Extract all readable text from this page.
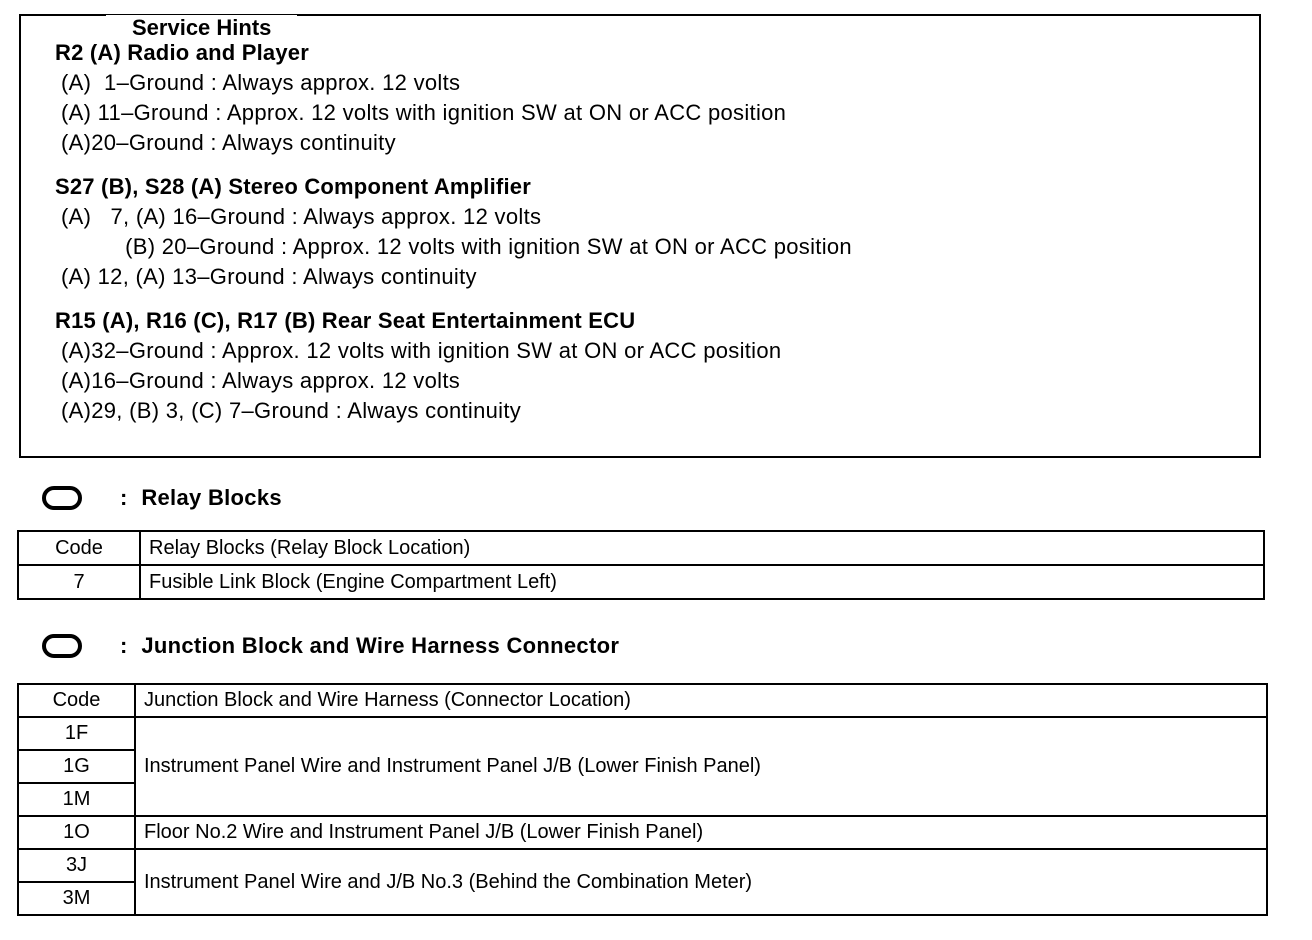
Service Hints
R2 (A) Radio and Player
(A)  1–Ground : Always approx. 12 volts
(A) 11–Ground : Approx. 12 volts with ignition SW at ON or ACC position
(A)20–Ground : Always continuity
S27 (B), S28 (A) Stereo Component Amplifier
(A)   7, (A) 16–Ground : Always approx. 12 volts
(B) 20–Ground : Approx. 12 volts with ignition SW at ON or ACC position
(A) 12, (A) 13–Ground : Always continuity
R15 (A), R16 (C), R17 (B) Rear Seat Entertainment ECU
(A)32–Ground : Approx. 12 volts with ignition SW at ON or ACC position
(A)16–Ground : Always approx. 12 volts
(A)29, (B) 3, (C) 7–Ground : Always continuity
: Relay Blocks
Code	Relay Blocks (Relay Block Location)
7	Fusible Link Block (Engine Compartment Left)
: Junction Block and Wire Harness Connector
Code	Junction Block and Wire Harness (Connector Location)
1F	Instrument Panel Wire and Instrument Panel J/B (Lower Finish Panel)
1G	
1M	
1O	Floor No.2 Wire and Instrument Panel J/B (Lower Finish Panel)
3J	Instrument Panel Wire and J/B No.3 (Behind the Combination Meter)
3M	
